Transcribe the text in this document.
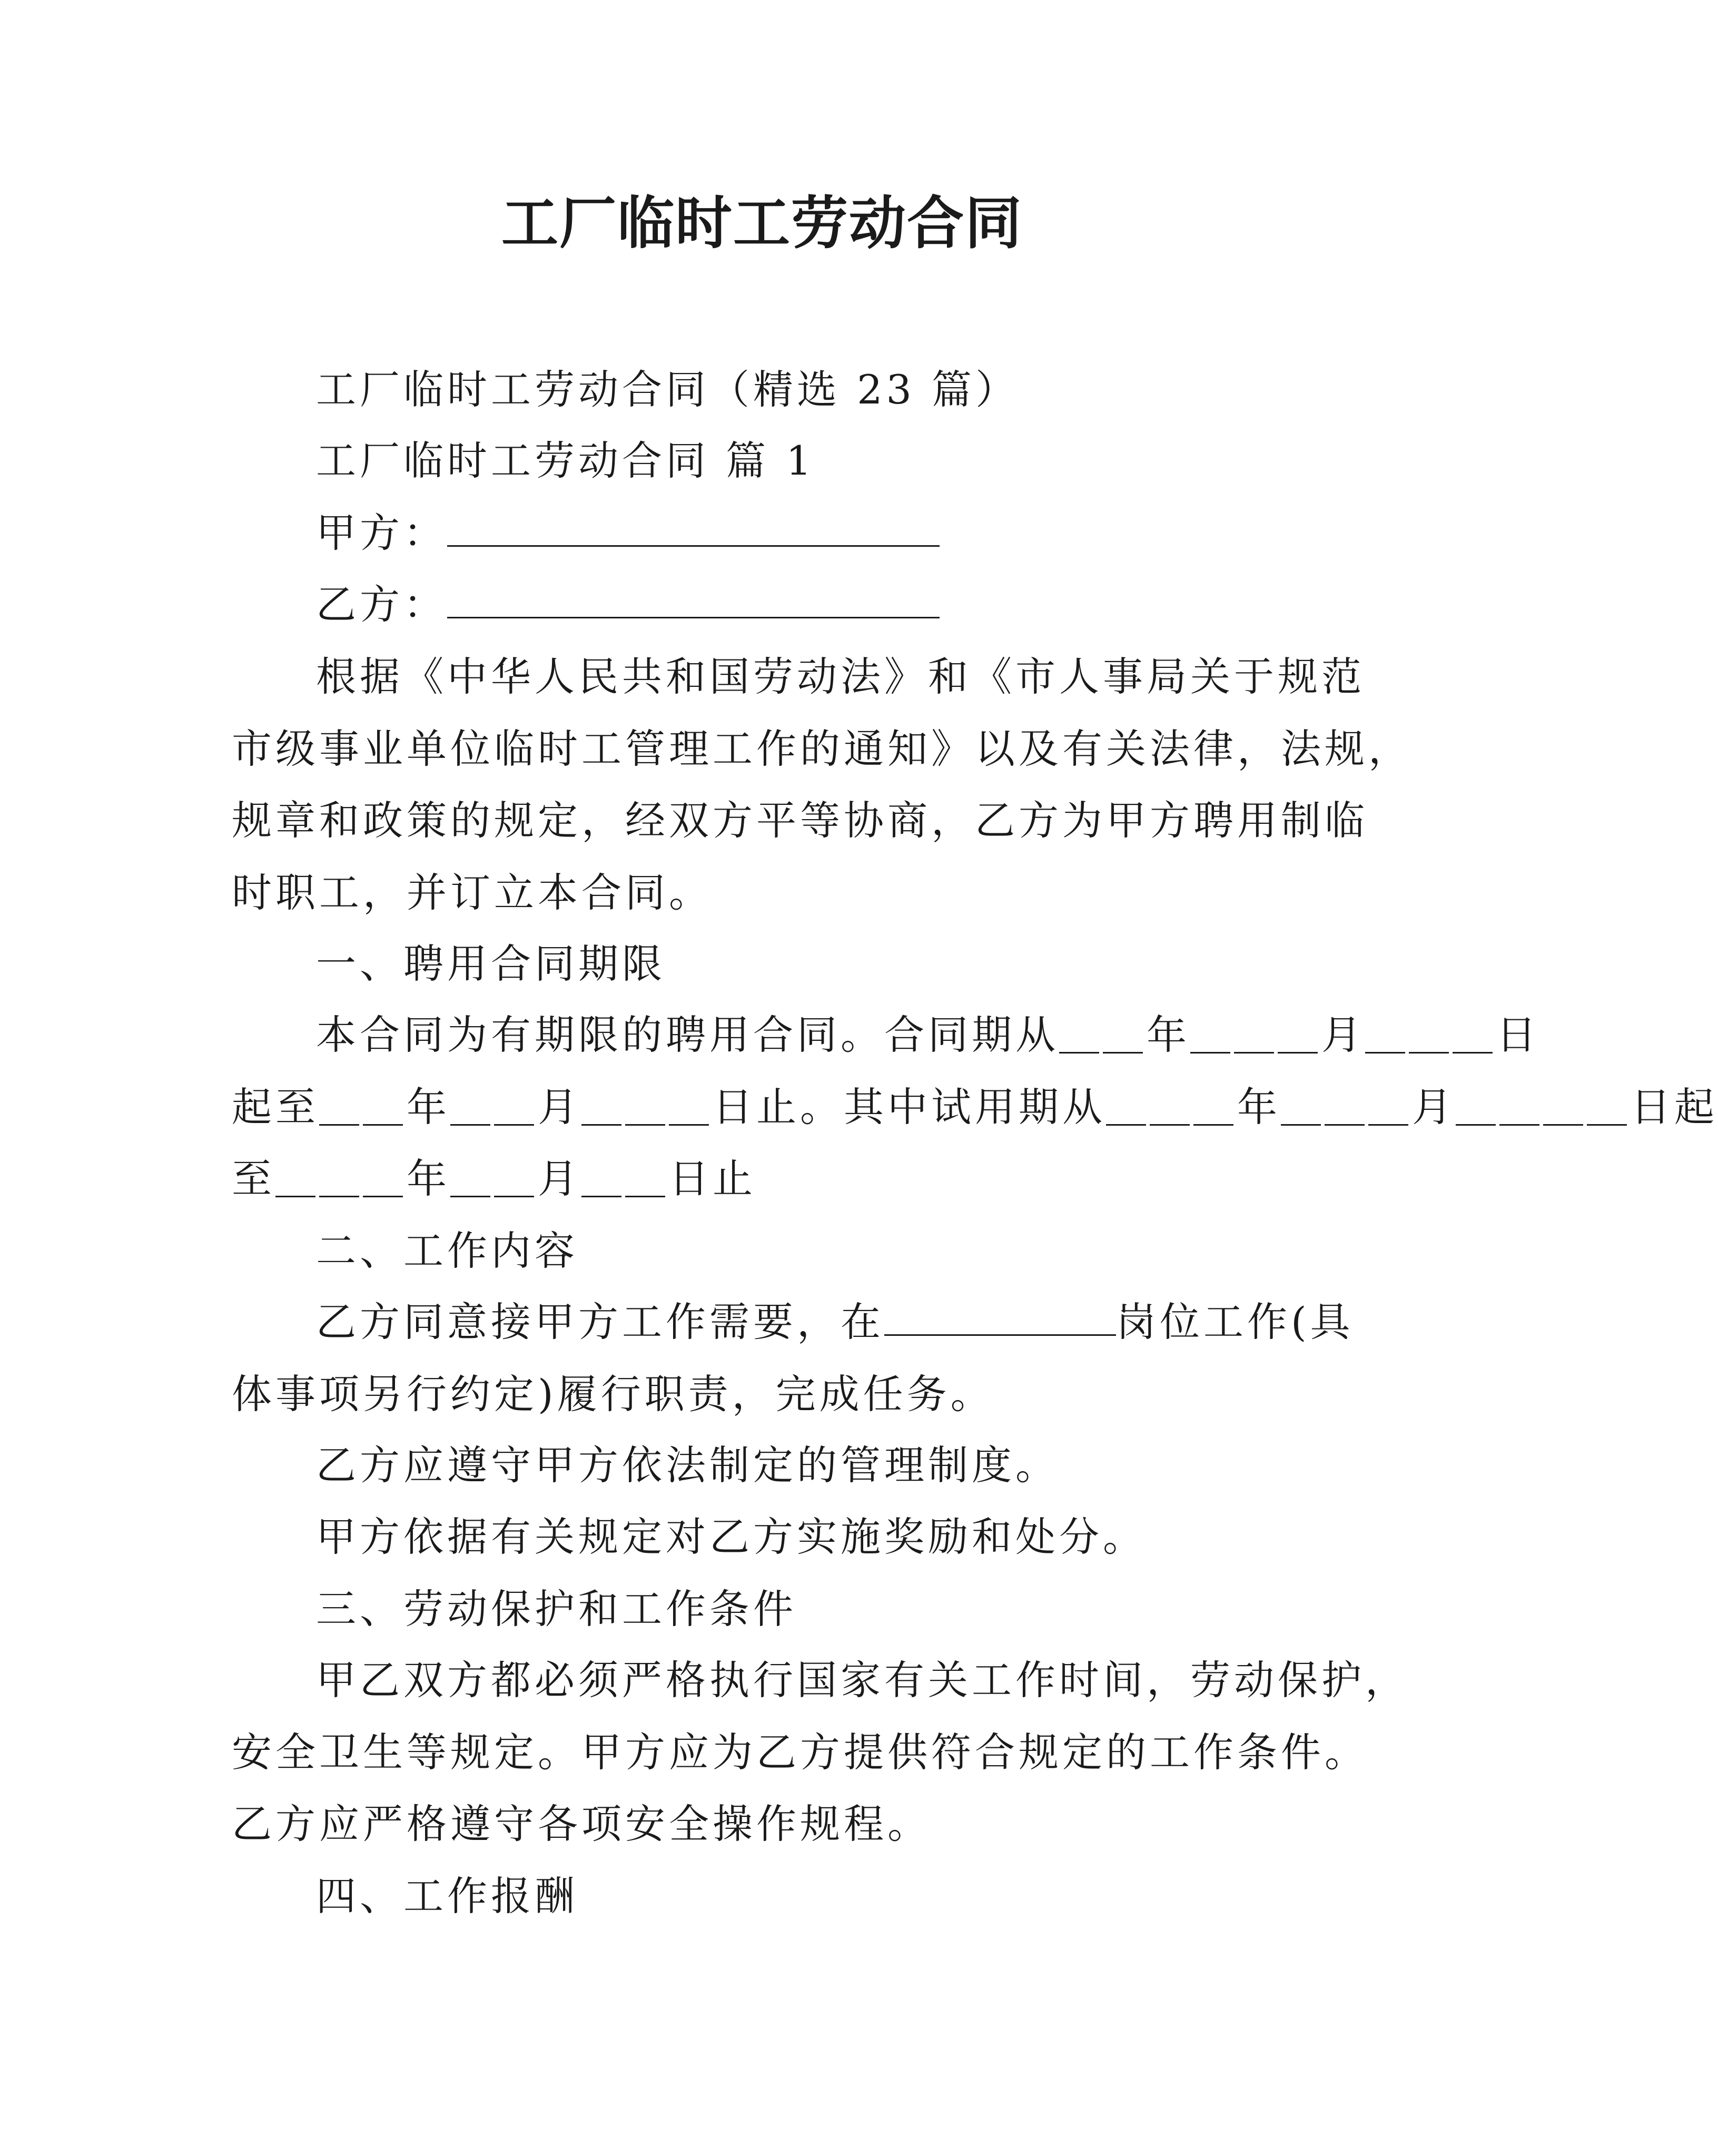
工厂临时工劳动合同
工厂临时工劳动合同（精选 23 篇）
工厂临时工劳动合同 篇 1
甲方：
乙方：
根据《中华人民共和国劳动法》和《市人事局关于规范
市级事业单位临时工管理工作的通知》以及有关法律，法规，
规章和政策的规定，经双方平等协商，乙方为甲方聘用制临
时职工，并订立本合同。
一、聘用合同期限
本合同为有期限的聘用合同。合同期从＿＿年＿＿＿月＿＿＿日
起至＿＿年＿＿月＿＿＿日止。其中试用期从＿＿＿年＿＿＿月＿＿＿＿日起
至＿＿＿年＿＿月＿＿日止
二、工作内容
乙方同意接甲方工作需要，在	岗位工作(具
体事项另行约定)履行职责，完成任务。
乙方应遵守甲方依法制定的管理制度。
甲方依据有关规定对乙方实施奖励和处分。
三、劳动保护和工作条件
甲乙双方都必须严格执行国家有关工作时间，劳动保护，
安全卫生等规定。甲方应为乙方提供符合规定的工作条件。
乙方应严格遵守各项安全操作规程。
四、工作报酬
